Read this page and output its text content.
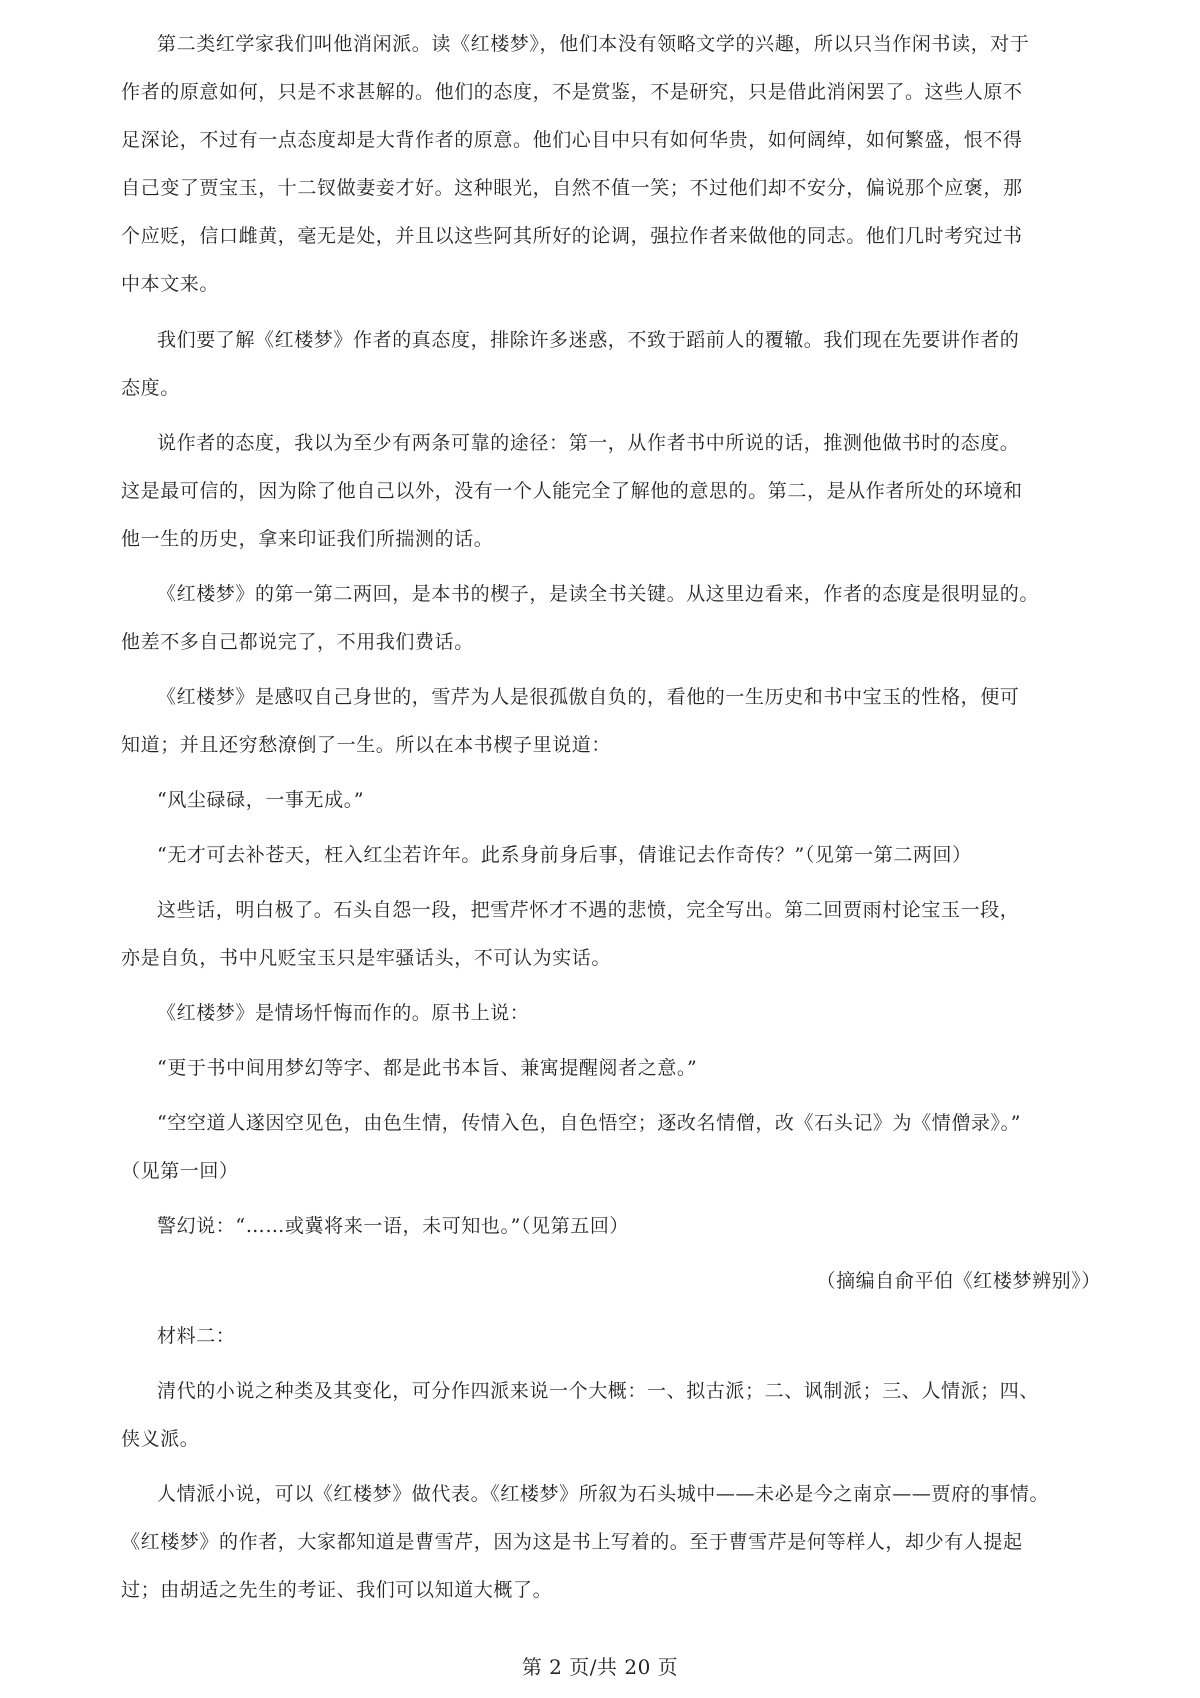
第二类红学家我们叫他消闲派。读《红楼梦》，他们本没有领略文学的兴趣，所以只当作闲书读，对于
作者的原意如何，只是不求甚解的。他们的态度，不是赏鉴，不是研究，只是借此消闲罢了。这些人原不
足深论，不过有一点态度却是大背作者的原意。他们心目中只有如何华贵，如何阔绰，如何繁盛，恨不得
自己变了贾宝玉，十二钗做妻妾才好。这种眼光，自然不值一笑；不过他们却不安分，偏说那个应褒，那
个应贬，信口雌黄，毫无是处，并且以这些阿其所好的论调，强拉作者来做他的同志。他们几时考究过书
中本文来。
我们要了解《红楼梦》作者的真态度，排除许多迷惑，不致于蹈前人的覆辙。我们现在先要讲作者的
态度。
说作者的态度，我以为至少有两条可靠的途径：第一，从作者书中所说的话，推测他做书时的态度。
这是最可信的，因为除了他自己以外，没有一个人能完全了解他的意思的。第二，是从作者所处的环境和
他一生的历史，拿来印证我们所揣测的话。
《红楼梦》的第一第二两回，是本书的楔子，是读全书关键。从这里边看来，作者的态度是很明显的。
他差不多自己都说完了，不用我们费话。
《红楼梦》是感叹自己身世的，雪芹为人是很孤傲自负的，看他的一生历史和书中宝玉的性格，便可
知道；并且还穷愁潦倒了一生。所以在本书楔子里说道：
“风尘碌碌，一事无成。”
“无才可去补苍天，枉入红尘若许年。此系身前身后事，倩谁记去作奇传？”（见第一第二两回）
这些话，明白极了。石头自怨一段，把雪芹怀才不遇的悲愤，完全写出。第二回贾雨村论宝玉一段，
亦是自负，书中凡贬宝玉只是牢骚话头，不可认为实话。
《红楼梦》是情场忏悔而作的。原书上说：
“更于书中间用梦幻等字、都是此书本旨、兼寓提醒阅者之意。”
“空空道人遂因空见色，由色生情，传情入色，自色悟空；逐改名情僧，改《石头记》为《情僧录》。”
（见第一回）
警幻说：“……或冀将来一语，未可知也。”（见第五回）
（摘编自俞平伯《红楼梦辨别》）
材料二：
清代的小说之种类及其变化，可分作四派来说一个大概：一、拟古派；二、讽制派；三、人情派；四、
侠义派。
人情派小说，可以《红楼梦》做代表。《红楼梦》所叙为石头城中——未必是今之南京——贾府的事情。
《红楼梦》的作者，大家都知道是曹雪芹，因为这是书上写着的。至于曹雪芹是何等样人，却少有人提起
过；由胡适之先生的考证、我们可以知道大概了。
第 2 页/共 20 页
